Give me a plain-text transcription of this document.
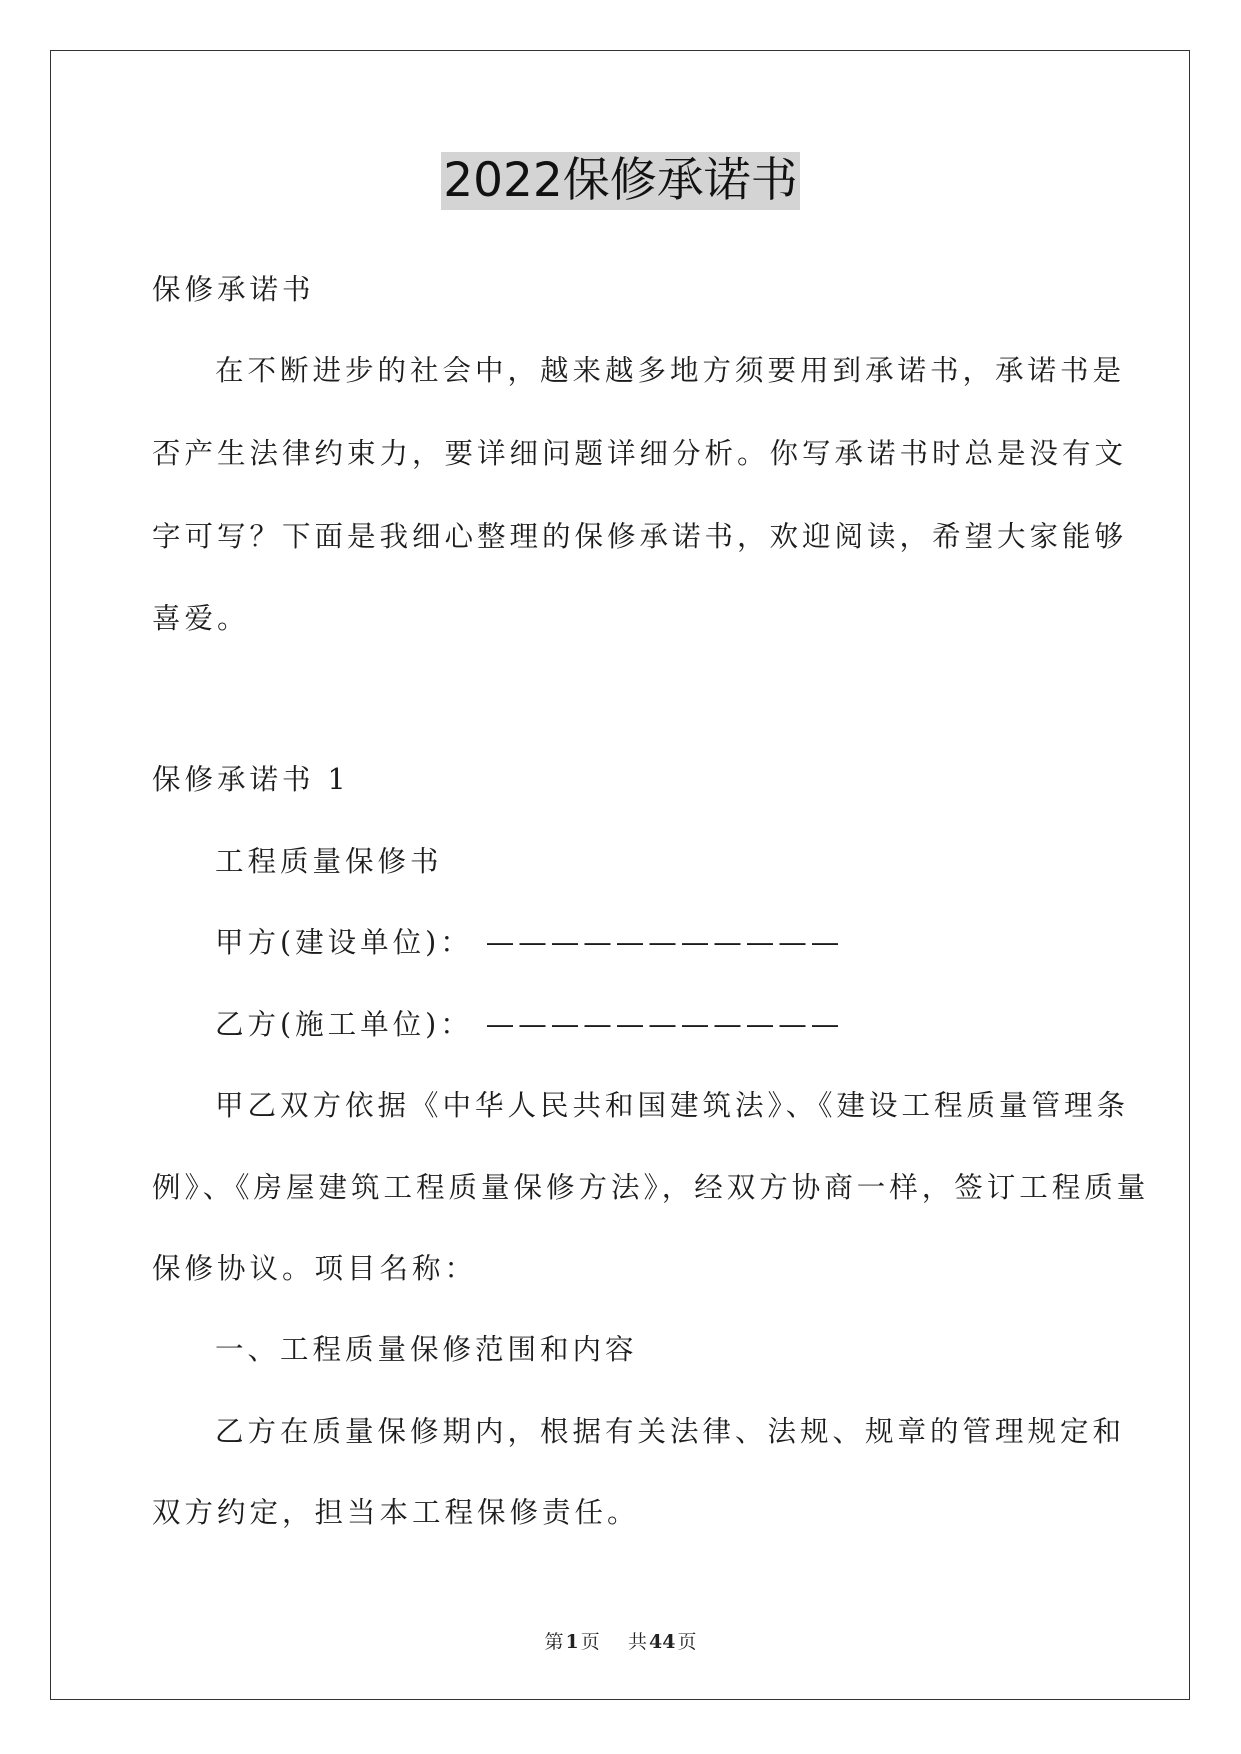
2022保修承诺书
保修承诺书
在不断进步的社会中，越来越多地方须要用到承诺书，承诺书是
否产生法律约束力，要详细问题详细分析。你写承诺书时总是没有文
字可写？下面是我细心整理的保修承诺书，欢迎阅读，希望大家能够
喜爱。
保修承诺书 1
工程质量保修书
甲方(建设单位)： ———————————
乙方(施工单位)： ———————————
甲乙双方依据《中华人民共和国建筑法》、《建设工程质量管理条
例》、《房屋建筑工程质量保修方法》，经双方协商一样，签订工程质量
保修协议。项目名称：
一、工程质量保修范围和内容
乙方在质量保修期内，根据有关法律、法规、规章的管理规定和
双方约定，担当本工程保修责任。
第 1 页 共 44 页
